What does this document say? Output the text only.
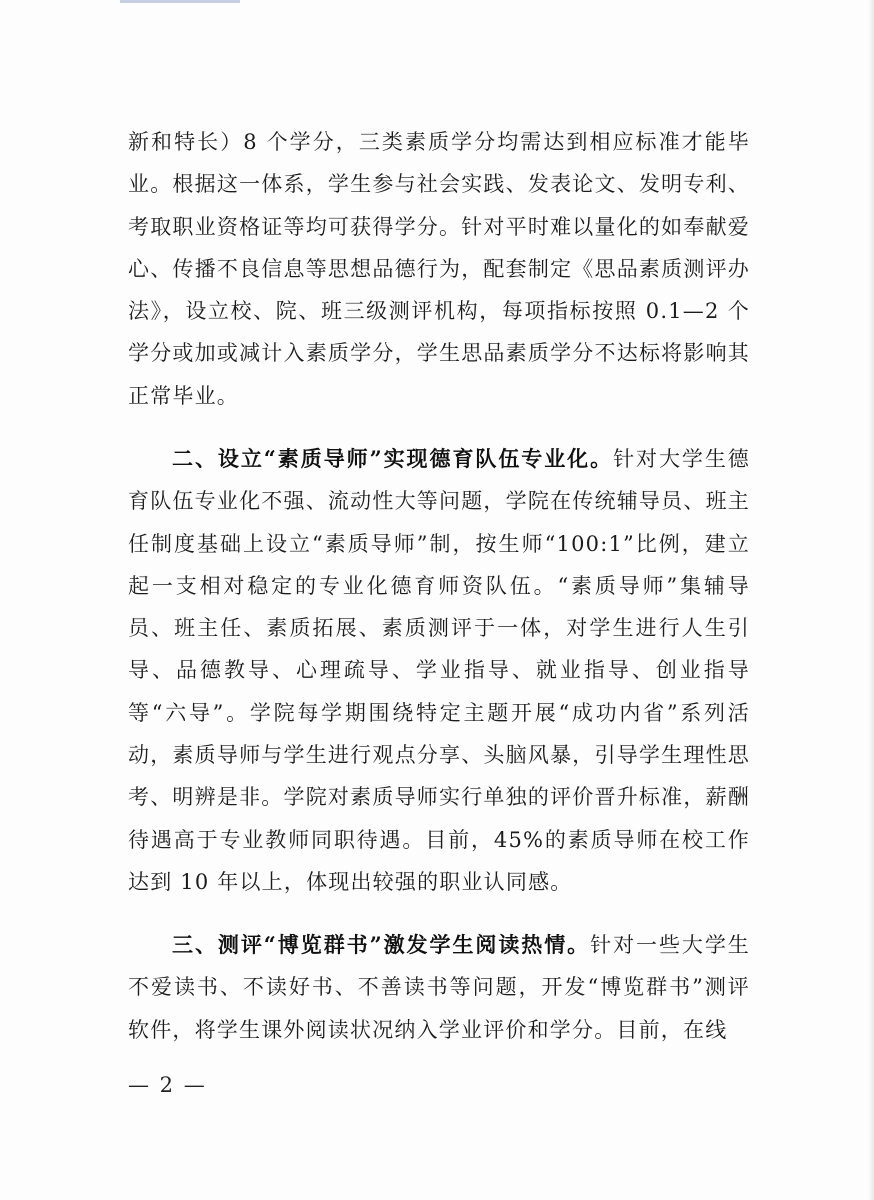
新和特长）8 个学分，三类素质学分均需达到相应标准才能毕业。根据这一体系，学生参与社会实践、发表论文、发明专利、考取职业资格证等均可获得学分。针对平时难以量化的如奉献爱心、传播不良信息等思想品德行为，配套制定《思品素质测评办法》，设立校、院、班三级测评机构，每项指标按照 0.1—2 个学分或加或减计入素质学分，学生思品素质学分不达标将影响其正常毕业。

二、设立“素质导师”实现德育队伍专业化。针对大学生德育队伍专业化不强、流动性大等问题，学院在传统辅导员、班主任制度基础上设立“素质导师”制，按生师“100:1”比例，建立起一支相对稳定的专业化德育师资队伍。“素质导师”集辅导员、班主任、素质拓展、素质测评于一体，对学生进行人生引导、品德教导、心理疏导、学业指导、就业指导、创业指导等“六导”。学院每学期围绕特定主题开展“成功内省”系列活动，素质导师与学生进行观点分享、头脑风暴，引导学生理性思考、明辨是非。学院对素质导师实行单独的评价晋升标准，薪酬待遇高于专业教师同职待遇。目前，45%的素质导师在校工作达到 10 年以上，体现出较强的职业认同感。

三、测评“博览群书”激发学生阅读热情。针对一些大学生不爱读书、不读好书、不善读书等问题，开发“博览群书”测评软件，将学生课外阅读状况纳入学业评价和学分。目前，在线

— 2 —
